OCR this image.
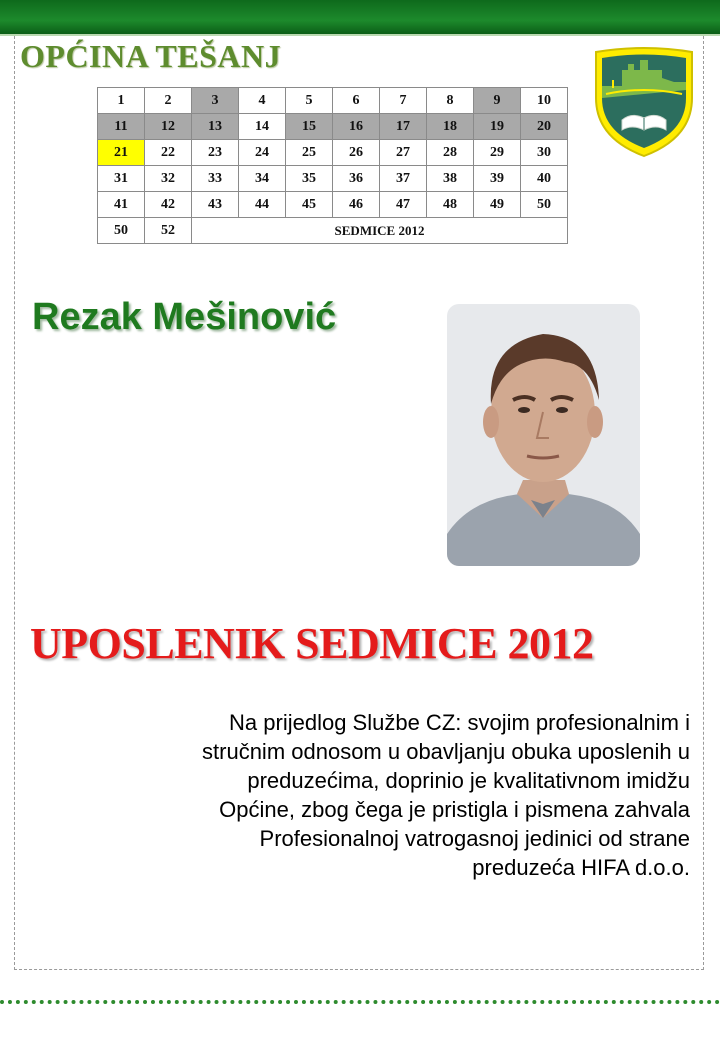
OPĆINA TEŠANJ
1	2	3	4	5	6	7	8	9	10
11	12	13	14	15	16	17	18	19	20
21	22	23	24	25	26	27	28	29	30
31	32	33	34	35	36	37	38	39	40
41	42	43	44	45	46	47	48	49	50
50	52	SEDMICE 2012							
Rezak Mešinović
UPOSLENIK SEDMICE 2012

Na prijedlog Službe CZ: svojim profesionalnim i
stručnim odnosom u obavljanju obuka uposlenih u
preduzećima, doprinio je kvalitativnom imidžu
Općine, zbog čega je pristigla i pismena zahvala
Profesionalnoj vatrogasnoj jedinici od strane
preduzeća HIFA d.o.o.
